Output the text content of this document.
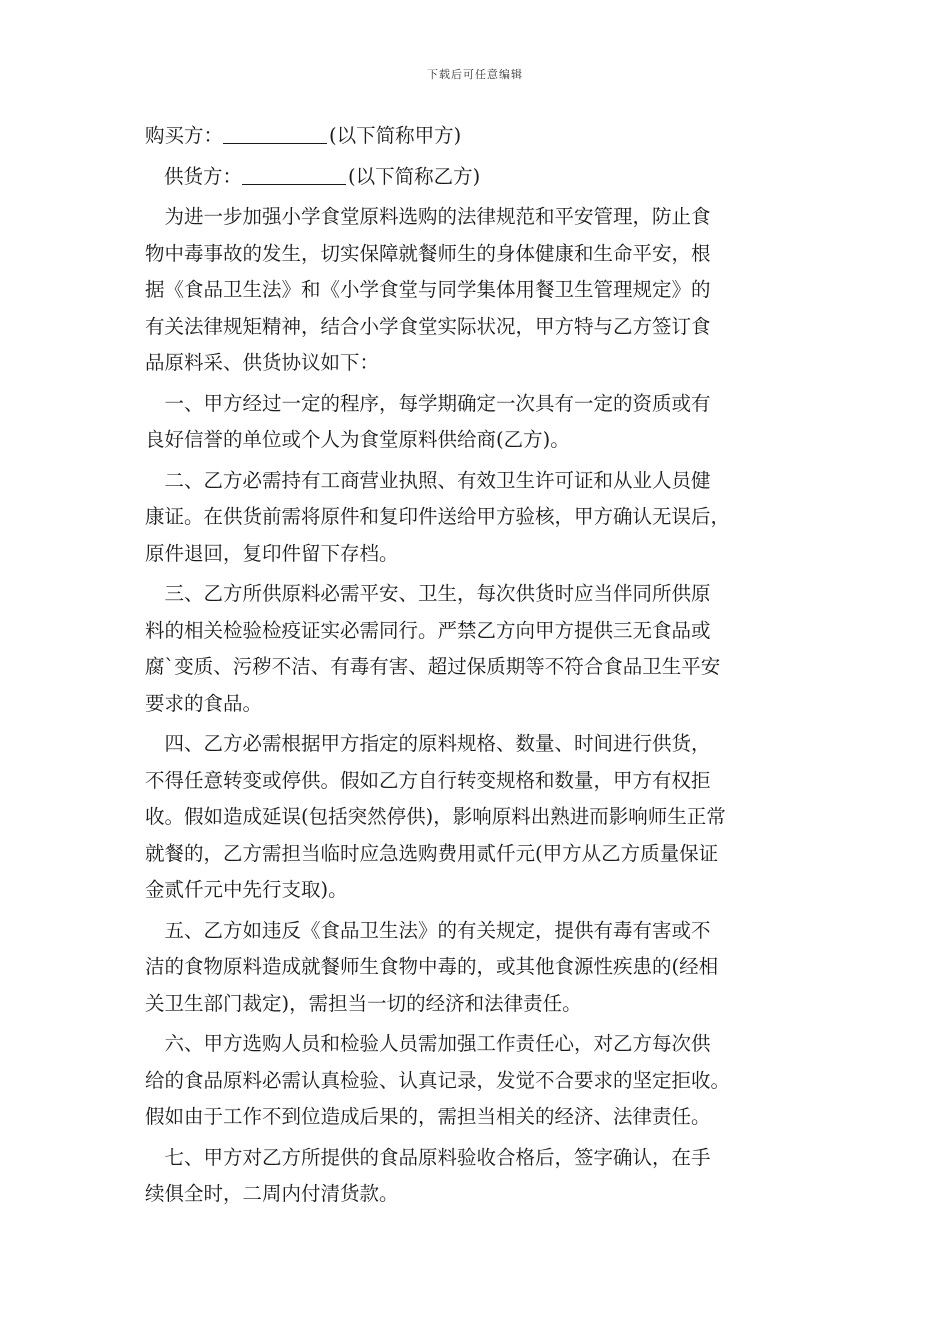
下载后可任意编辑
购买方：	(以下简称甲方)
供货方：	(以下简称乙方)
　为进一步加强小学食堂原料选购的法律规范和平安管理，防止食
物中毒事故的发生，切实保障就餐师生的身体健康和生命平安，根
据《食品卫生法》和《小学食堂与同学集体用餐卫生管理规定》的
有关法律规矩精神，结合小学食堂实际状况，甲方特与乙方签订食
品原料采、供货协议如下：
　一、甲方经过一定的程序，每学期确定一次具有一定的资质或有
良好信誉的单位或个人为食堂原料供给商(乙方)。
　二、乙方必需持有工商营业执照、有效卫生许可证和从业人员健
康证。在供货前需将原件和复印件送给甲方验核，甲方确认无误后，
原件退回，复印件留下存档。
　三、乙方所供原料必需平安、卫生，每次供货时应当伴同所供原
料的相关检验检疫证实必需同行。严禁乙方向甲方提供三无食品或
腐`变质、污秽不洁、有毒有害、超过保质期等不符合食品卫生平安
要求的食品。
　四、乙方必需根据甲方指定的原料规格、数量、时间进行供货，
不得任意转变或停供。假如乙方自行转变规格和数量，甲方有权拒
收。假如造成延误(包括突然停供)，影响原料出熟进而影响师生正常
就餐的，乙方需担当临时应急选购费用贰仟元(甲方从乙方质量保证
金贰仟元中先行支取)。
　五、乙方如违反《食品卫生法》的有关规定，提供有毒有害或不
洁的食物原料造成就餐师生食物中毒的，或其他食源性疾患的(经相
关卫生部门裁定)，需担当一切的经济和法律责任。
　六、甲方选购人员和检验人员需加强工作责任心，对乙方每次供
给的食品原料必需认真检验、认真记录，发觉不合要求的坚定拒收。
假如由于工作不到位造成后果的，需担当相关的经济、法律责任。
　七、甲方对乙方所提供的食品原料验收合格后，签字确认，在手
续俱全时，二周内付清货款。
